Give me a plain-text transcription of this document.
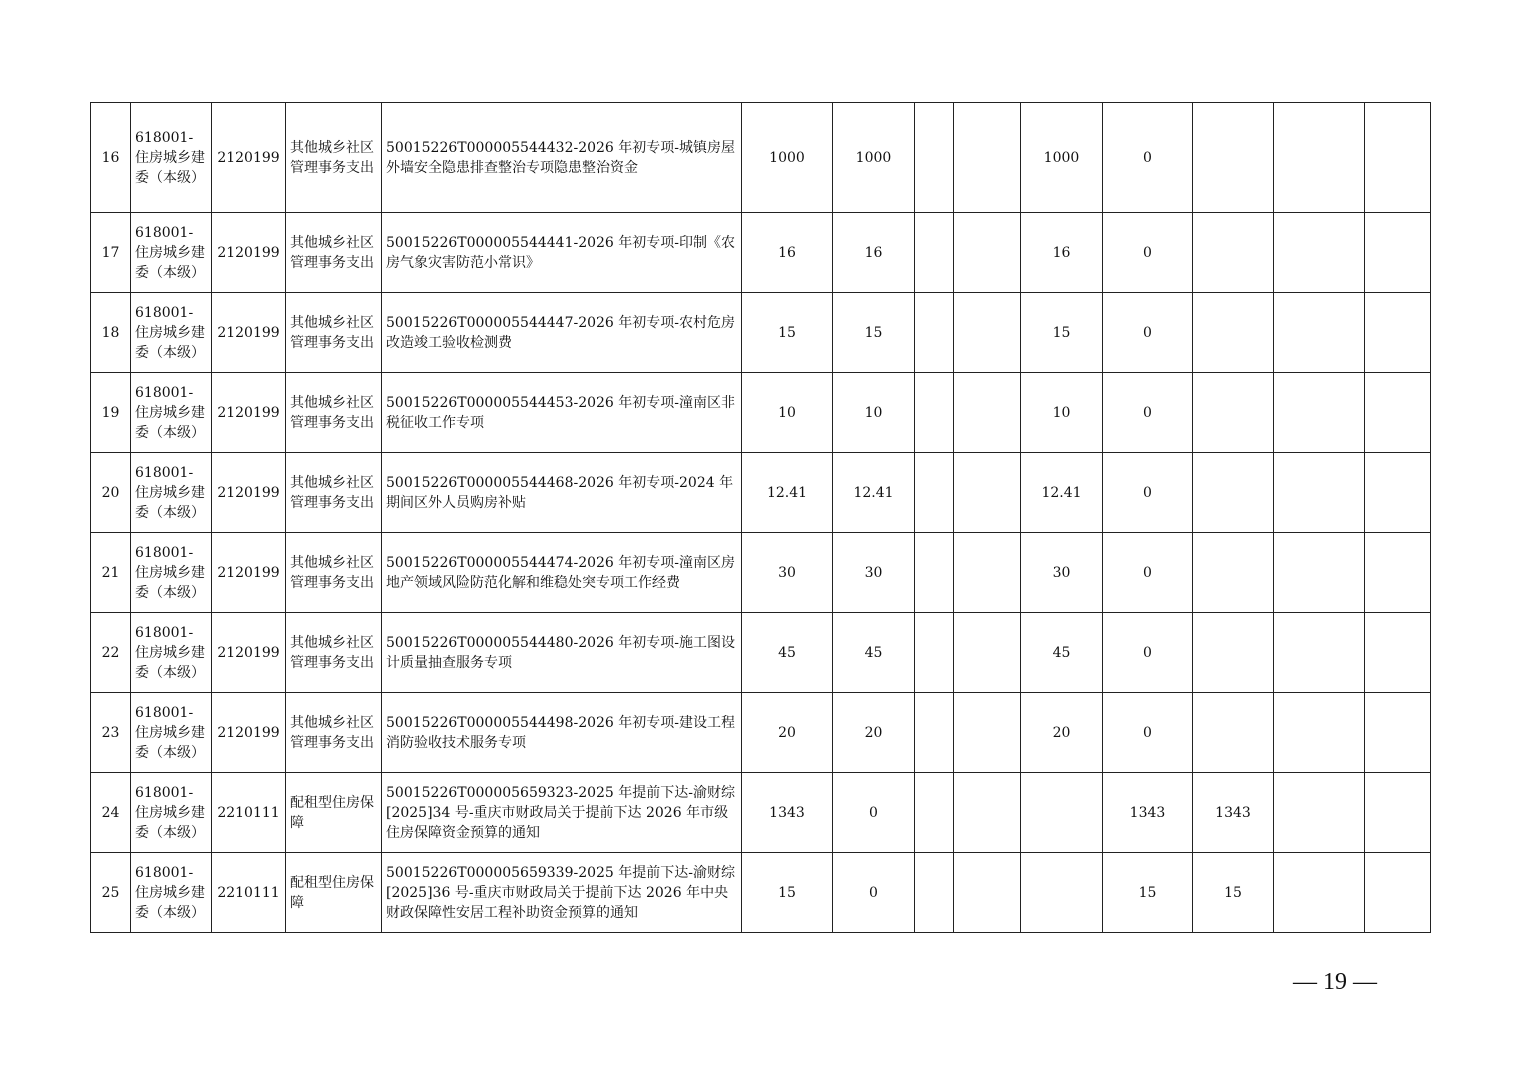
16	618001-住房城乡建委（本级）	2120199	其他城乡社区管理事务支出	50015226T000005544432-2026 年初专项-城镇房屋外墙安全隐患排查整治专项隐患整治资金	1000	1000			1000	0			
17	618001-住房城乡建委（本级）	2120199	其他城乡社区管理事务支出	50015226T000005544441-2026 年初专项-印制《农房气象灾害防范小常识》	16	16			16	0			
18	618001-住房城乡建委（本级）	2120199	其他城乡社区管理事务支出	50015226T000005544447-2026 年初专项-农村危房改造竣工验收检测费	15	15			15	0			
19	618001-住房城乡建委（本级）	2120199	其他城乡社区管理事务支出	50015226T000005544453-2026 年初专项-潼南区非税征收工作专项	10	10			10	0			
20	618001-住房城乡建委（本级）	2120199	其他城乡社区管理事务支出	50015226T000005544468-2026 年初专项-2024 年期间区外人员购房补贴	12.41	12.41			12.41	0			
21	618001-住房城乡建委（本级）	2120199	其他城乡社区管理事务支出	50015226T000005544474-2026 年初专项-潼南区房地产领域风险防范化解和维稳处突专项工作经费	30	30			30	0			
22	618001-住房城乡建委（本级）	2120199	其他城乡社区管理事务支出	50015226T000005544480-2026 年初专项-施工图设计质量抽查服务专项	45	45			45	0			
23	618001-住房城乡建委（本级）	2120199	其他城乡社区管理事务支出	50015226T000005544498-2026 年初专项-建设工程消防验收技术服务专项	20	20			20	0			
24	618001-住房城乡建委（本级）	2210111	配租型住房保障	50015226T000005659323-2025 年提前下达-渝财综[2025]34 号-重庆市财政局关于提前下达 2026 年市级住房保障资金预算的通知	1343	0				1343	1343		
25	618001-住房城乡建委（本级）	2210111	配租型住房保障	50015226T000005659339-2025 年提前下达-渝财综[2025]36 号-重庆市财政局关于提前下达 2026 年中央财政保障性安居工程补助资金预算的通知	15	0				15	15		
— 19 —
